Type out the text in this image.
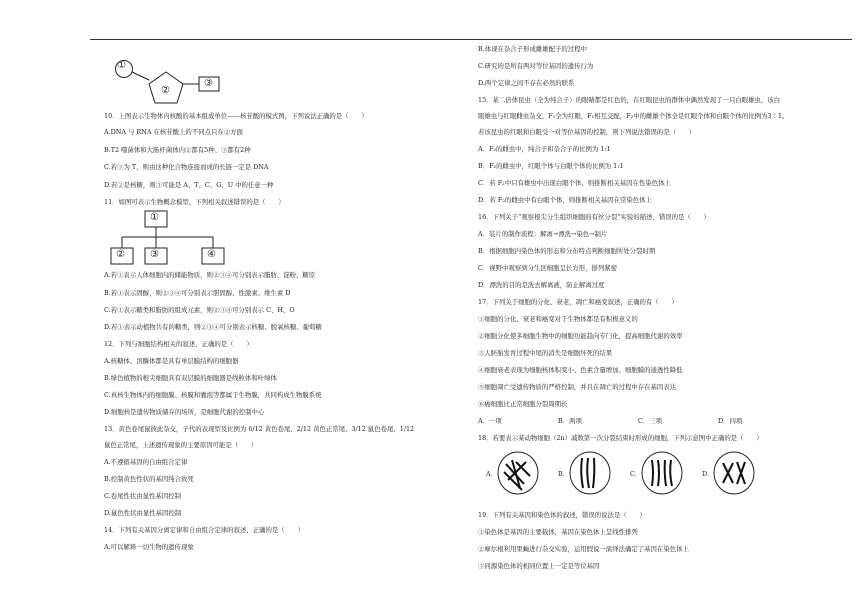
①
②
③
10．上图表示生物体内核酸的基本组成单位——核苷酸的模式图，下列说法正确的是（　　）
A.DNA 与 RNA 在核苷酸上的不同点只在②方面
B.T2 噬菌体和大肠杆菌体内②都有5种、③都有2种
C.若③为 T，则由这种化合物连接而成的长链一定是 DNA
D.若②是核糖，则③可能是 A、T、C、G、U 中的任意一种
11．如图可表示生物概念模型，下列相关叙述错误的是（　　）
①
②	③	④
A.若①表示人体细胞内的储能物质，则②③④可分别表示脂肪、淀粉、糖原
B.若①表示固醇，则②③④可分别表示胆固醇、性激素、维生素 D
C.若①表示糖类和脂肪的组成元素，则②③④可分别表示 C、H、O
D.若①表示动植物共有的糖类，则②③④可分别表示核糖、脱氧核糖、葡萄糖
12．下列与细胞结构相关的叙述，正确的是（　　）
A.核糖体、溶酶体都是具有单层膜结构的细胞器
B.绿色植物的根尖细胞具有双层膜的细胞器是线粒体和叶绿体
C.真核生物体内的细胞膜、核膜和囊泡等都属于生物膜，共同构成生物膜系统
D.细胞核是遗传物质储存的场所，是细胞代谢的控制中心
13．黄色卷尾鼠彼此杂交，子代的表现型及比例为 6/12 黄色卷尾、2/12 黄色正常尾、3/12 鼠色卷尾、1/12
鼠色正常尾，上述遗传现象的主要原因可能是（　　）
A.不遵循基因的自由组合定律
B.控制黄色性状的基因纯合致死
C.卷尾性状由显性基因控制
D.鼠色性状由显性基因控制
14．下列有关基因分离定律和自由组合定律的叙述，正确的是（　　）
A.可以解释一切生物的遗传现象
B.体现在杂合子形成雌雄配子的过程中
C.研究的是所有两对等位基因的遗传行为
D.两个定律之间不存在必然的联系
15．某二倍体昆虫（全为纯合子）的眼睛都是红色的，在红眼昆虫的群体中偶然发现了一只白眼雄虫，该白
眼雄虫与红眼雌虫杂交，F₁全为红眼，F₁相互交配，F₂中的雌雄个体全是红眼个体和白眼个体的比例为3∶1。
若该昆虫的红眼和白眼受一对等位基因的控制，则下列说法错误的是（　　）
A．F₂的雌虫中，纯合子和杂合子的比例为 1:1
B．F₂的雌虫中，红眼个体与白眼个体的比例为 1:1
C．若 F₂中只有雄虫中出现白眼个体，则推断相关基因在性染色体上
D．若 F₂的雌虫中有白眼个体，则推断相关基因在常染色体上
16．下列关于“观察根尖分生组织细胞的有丝分裂”实验的描述，错误的是（　　）
A．装片的制作流程：解离→漂洗→染色→制片
B．根据细胞内染色体的形态和分布特点判断细胞所处分裂时期
C．视野中观察到分生区细胞呈长方形，排列紧密
D．漂洗的目的是洗去解离液，防止解离过度
17．下列关于细胞的分化、衰老、凋亡和癌变叙述，正确的有（　　）
①细胞的分化、衰老和癌变对于生物体都是有积极意义的
②细胞分化使多细胞生物中的细胞功能趋向专门化，提高细胞代谢的效率
③人胚胎发育过程中尾的消失是细胞坏死的结果
④细胞衰老表现为细胞核体积变小、色素含量增加、细胞膜的通透性降低
⑤细胞凋亡受遗传物质的严格控制，并且在凋亡的过程中存在基因表达
⑥癌细胞比正常细胞分裂周期长
A．一项	B．两项	C．三项	D．四项
18．若要表示某动物细胞（2n）减数第一次分裂结束时形成的细胞，下列示意图中正确的是（　　）
A．	B．	C．	D．
19．下列有关基因和染色体的叙述，错误的说法是（　　）
①染色体是基因的主要载体，基因在染色体上呈线性排列
②摩尔根利用果蝇进行杂交实验，运用假说一演绎法确定了基因在染色体上
③同源染色体的相同位置上一定是等位基因
